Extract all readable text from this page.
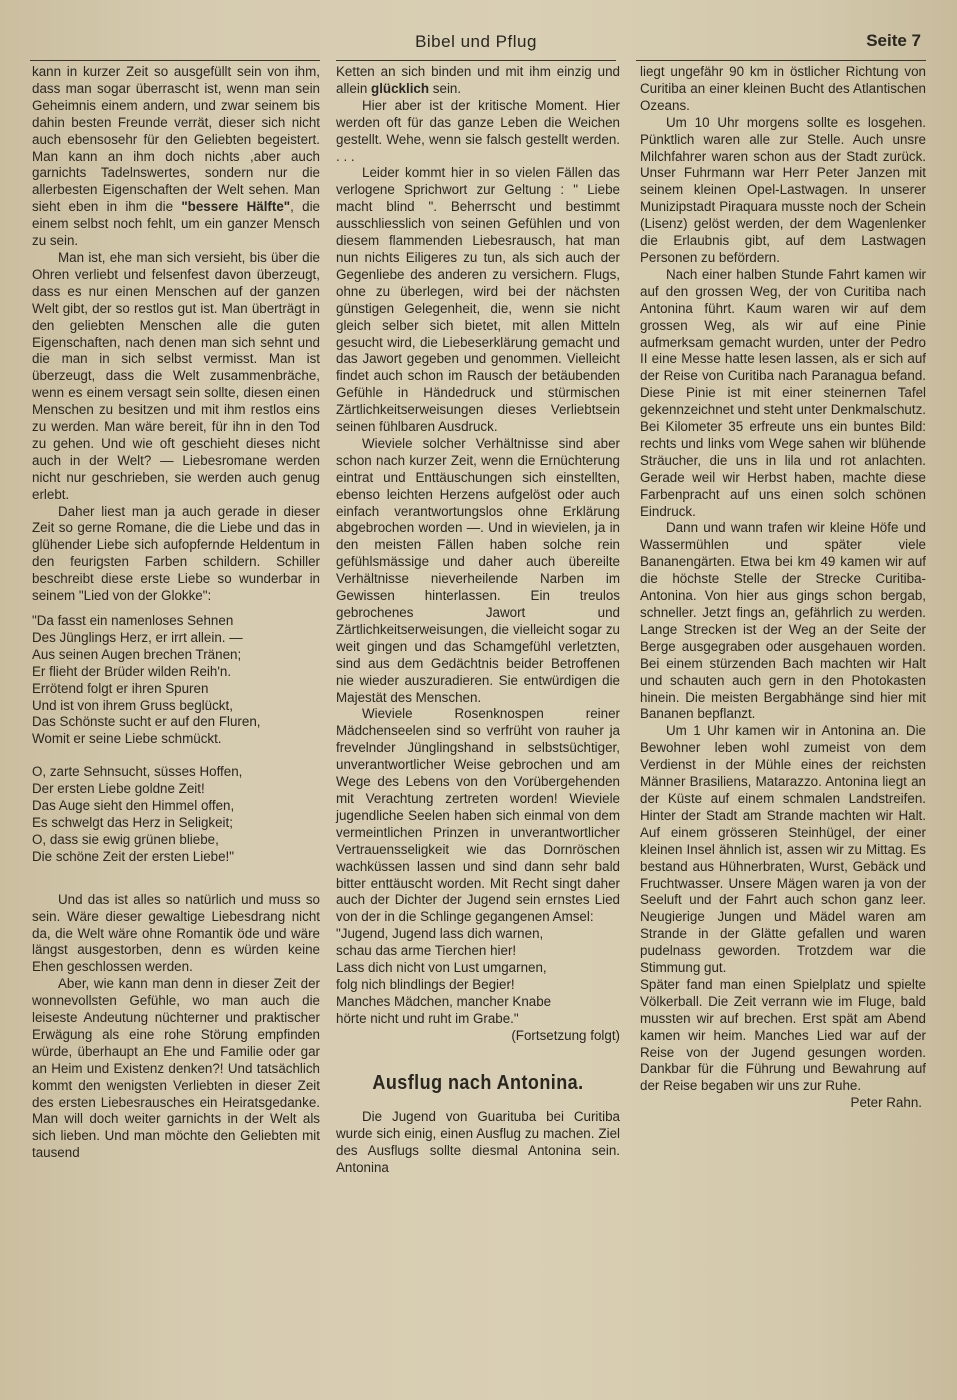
Bibel und Pflug	Seite 7

kann in kurzer Zeit so ausgefüllt sein von ihm, dass man sogar überrascht ist, wenn man sein Geheimnis einem andern, und zwar seinem bis dahin besten Freunde verrät, dieser sich nicht auch ebensosehr für den Geliebten begeistert. Man kann an ihm doch nichts ,aber auch garnichts Tadelnswertes, sondern nur die allerbesten Eigenschaften der Welt sehen. Man sieht eben in ihm die "bessere Hälfte", die einem selbst noch fehlt, um ein ganzer Mensch zu sein.

Man ist, ehe man sich versieht, bis über die Ohren verliebt und felsenfest davon überzeugt, dass es nur einen Menschen auf der ganzen Welt gibt, der so restlos gut ist. Man überträgt in den geliebten Menschen alle die guten Eigenschaften, nach denen man sich sehnt und die man in sich selbst vermisst. Man ist überzeugt, dass die Welt zusammenbräche, wenn es einem versagt sein sollte, diesen einen Menschen zu besitzen und mit ihm restlos eins zu werden. Man wäre bereit, für ihn in den Tod zu gehen. Und wie oft geschieht dieses nicht auch in der Welt? — Liebesromane werden nicht nur geschrieben, sie werden auch genug erlebt.

Daher liest man ja auch gerade in dieser Zeit so gerne Romane, die die Liebe und das in glühender Liebe sich aufopfernde Heldentum in den feurigsten Farben schildern. Schiller beschreibt diese erste Liebe so wunderbar in seinem "Lied von der Glokke":

"Da fasst ein namenloses Sehnen
Des Jünglings Herz, er irrt allein. —
Aus seinen Augen brechen Tränen;
Er flieht der Brüder wilden Reih'n.
Errötend folgt er ihren Spuren
Und ist von ihrem Gruss beglückt,
Das Schönste sucht er auf den Fluren,
Womit er seine Liebe schmückt.
O, zarte Sehnsucht, süsses Hoffen,
Der ersten Liebe goldne Zeit!
Das Auge sieht den Himmel offen,
Es schwelgt das Herz in Seligkeit;
O, dass sie ewig grünen bliebe,
Die schöne Zeit der ersten Liebe!"

Und das ist alles so natürlich und muss so sein. Wäre dieser gewaltige Liebesdrang nicht da, die Welt wäre ohne Romantik öde und wäre längst ausgestorben, denn es würden keine Ehen geschlossen werden.

Aber, wie kann man denn in dieser Zeit der wonnevollsten Gefühle, wo man auch die leiseste Andeutung nüchterner und praktischer Erwägung als eine rohe Störung empfinden würde, überhaupt an Ehe und Familie oder gar an Heim und Existenz denken?! Und tatsächlich kommt den wenigsten Verliebten in dieser Zeit des ersten Liebesrausches ein Heiratsgedanke. Man will doch weiter garnichts in der Welt als sich lieben. Und man möchte den Geliebten mit tausend

Ketten an sich binden und mit ihm einzig und allein glücklich sein.

Hier aber ist der kritische Moment. Hier werden oft für das ganze Leben die Weichen gestellt. Wehe, wenn sie falsch gestellt werden. . . .

Leider kommt hier in so vielen Fällen das verlogene Sprichwort zur Geltung : " Liebe macht blind ". Beherrscht und bestimmt ausschliesslich von seinen Gefühlen und von diesem flammenden Liebesrausch, hat man nun nichts Eiligeres zu tun, als sich auch der Gegenliebe des anderen zu versichern. Flugs, ohne zu überlegen, wird bei der nächsten günstigen Gelegenheit, die, wenn sie nicht gleich selber sich bietet, mit allen Mitteln gesucht wird, die Liebeserklärung gemacht und das Jawort gegeben und genommen. Vielleicht findet auch schon im Rausch der betäubenden Gefühle in Händedruck und stürmischen Zärtlichkeitserweisungen dieses Verliebtsein seinen fühlbaren Ausdruck.

Wieviele solcher Verhältnisse sind aber schon nach kurzer Zeit, wenn die Ernüchterung eintrat und Enttäuschungen sich einstellten, ebenso leichten Herzens aufgelöst oder auch einfach verantwortungslos ohne Erklärung abgebrochen worden —. Und in wievielen, ja in den meisten Fällen haben solche rein gefühlsmässige und daher auch übereilte Verhältnisse nieverheilende Narben im Gewissen hinterlassen. Ein treulos gebrochenes Jawort und Zärtlichkeitserweisungen, die vielleicht sogar zu weit gingen und das Schamgefühl verletzten, sind aus dem Gedächtnis beider Betroffenen nie wieder auszuradieren. Sie entwürdigen die Majestät des Menschen.

Wieviele Rosenknospen reiner Mädchenseelen sind so verfrüht von rauher ja frevelnder Jünglingshand in selbstsüchtiger, unverantwortlicher Weise gebrochen und am Wege des Lebens von den Vorübergehenden mit Verachtung zertreten worden! Wieviele jugendliche Seelen haben sich einmal von dem vermeintlichen Prinzen in unverantwortlicher Vertrauensseligkeit wie das Dornröschen wachküssen lassen und sind dann sehr bald bitter enttäuscht worden. Mit Recht singt daher auch der Dichter der Jugend sein ernstes Lied von der in die Schlinge gegangenen Amsel:

"Jugend, Jugend lass dich warnen,
schau das arme Tierchen hier!
Lass dich nicht von Lust umgarnen,
folg nich blindlings der Begier!
Manches Mädchen, mancher Knabe
hörte nicht und ruht im Grabe."

(Fortsetzung folgt)

Ausflug nach Antonina.

Die Jugend von Guarituba bei Curitiba wurde sich einig, einen Ausflug zu machen. Ziel des Ausflugs sollte diesmal Antonina sein. Antonina

liegt ungefähr 90 km in östlicher Richtung von Curitiba an einer kleinen Bucht des Atlantischen Ozeans.

Um 10 Uhr morgens sollte es losgehen. Pünktlich waren alle zur Stelle. Auch unsre Milchfahrer waren schon aus der Stadt zurück. Unser Fuhrmann war Herr Peter Janzen mit seinem kleinen Opel-Lastwagen. In unserer Munizipstadt Piraquara musste noch der Schein (Lisenz) gelöst werden, der dem Wagenlenker die Erlaubnis gibt, auf dem Lastwagen Personen zu befördern.

Nach einer halben Stunde Fahrt kamen wir auf den grossen Weg, der von Curitiba nach Antonina führt. Kaum waren wir auf dem grossen Weg, als wir auf eine Pinie aufmerksam gemacht wurden, unter der Pedro II eine Messe hatte lesen lassen, als er sich auf der Reise von Curitiba nach Paranagua befand. Diese Pinie ist mit einer steinernen Tafel gekennzeichnet und steht unter Denkmalschutz. Bei Kilometer 35 erfreute uns ein buntes Bild: rechts und links vom Wege sahen wir blühende Sträucher, die uns in lila und rot anlachten. Gerade weil wir Herbst haben, machte diese Farbenpracht auf uns einen solch schönen Eindruck.

Dann und wann trafen wir kleine Höfe und Wassermühlen und später viele Bananengärten. Etwa bei km 49 kamen wir auf die höchste Stelle der Strecke Curitiba-Antonina. Von hier aus gings schon bergab, schneller. Jetzt fings an, gefährlich zu werden. Lange Strecken ist der Weg an der Seite der Berge ausgegraben oder ausgehauen worden. Bei einem stürzenden Bach machten wir Halt und schauten auch gern in den Photokasten hinein. Die meisten Bergabhänge sind hier mit Bananen bepflanzt.

Um 1 Uhr kamen wir in Antonina an. Die Bewohner leben wohl zumeist von dem Verdienst in der Mühle eines der reichsten Männer Brasiliens, Matarazzo. Antonina liegt an der Küste auf einem schmalen Landstreifen. Hinter der Stadt am Strande machten wir Halt. Auf einem grösseren Steinhügel, der einer kleinen Insel ähnlich ist, assen wir zu Mittag. Es bestand aus Hühnerbraten, Wurst, Gebäck und Fruchtwasser. Unsere Mägen waren ja von der Seeluft und der Fahrt auch schon ganz leer. Neugierige Jungen und Mädel waren am Strande in der Glätte gefallen und waren pudelnass geworden. Trotzdem war die Stimmung gut.

Später fand man einen Spielplatz und spielte Völkerball. Die Zeit verrann wie im Fluge, bald mussten wir auf brechen. Erst spät am Abend kamen wir heim. Manches Lied war auf der Reise von der Jugend gesungen worden. Dankbar für die Führung und Bewahrung auf der Reise begaben wir uns zur Ruhe.

Peter Rahn.
